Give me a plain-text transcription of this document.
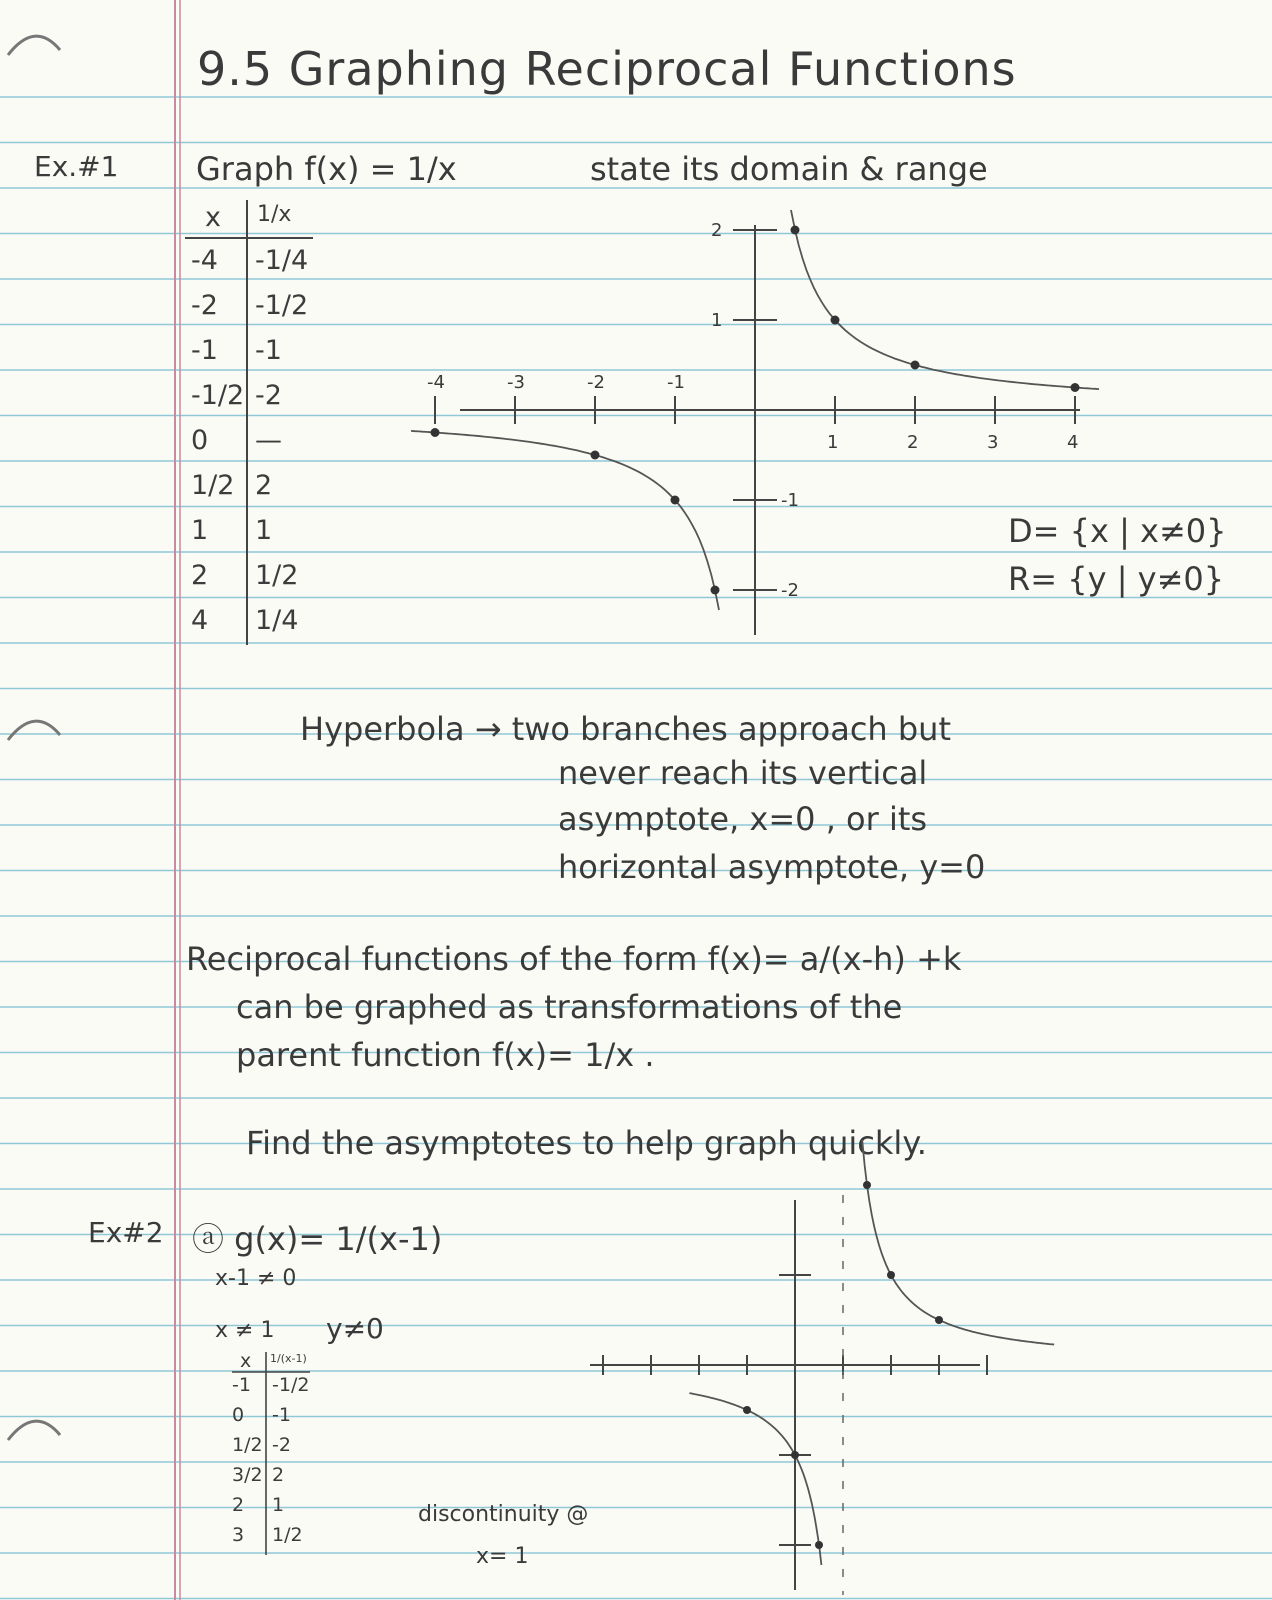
9.5 Graphing Reciprocal Functions
Ex.#1 Graph f(x) = 1/x	state its domain & range
x 1/x
-4 -1/4
-2 -1/2
-1 -1
-1/2 -2
0 —
1/2 2
1 1
2 1/2
4 1/4
-4	-3	-2	-1
1	2	3	4
2
1
-1
-2
D= {x | x≠0}
R= {y | y≠0}
Hyperbola → two branches approach but
never reach its vertical
asymptote, x=0 , or its
horizontal asymptote, y=0
Reciprocal functions of the form f(x)= a/(x-h) +k
can be graphed as transformations of the
parent function f(x)= 1/x .
Find the asymptotes to help graph quickly.
Ex#2 ⓐ g(x)= 1/(x-1)
x-1 ≠ 0
x ≠ 1 y≠0
x 1/(x-1)
-1 -1/2
0 -1
1/2 -2
3/2 2
2 1
3 1/2
discontinuity @
x= 1
